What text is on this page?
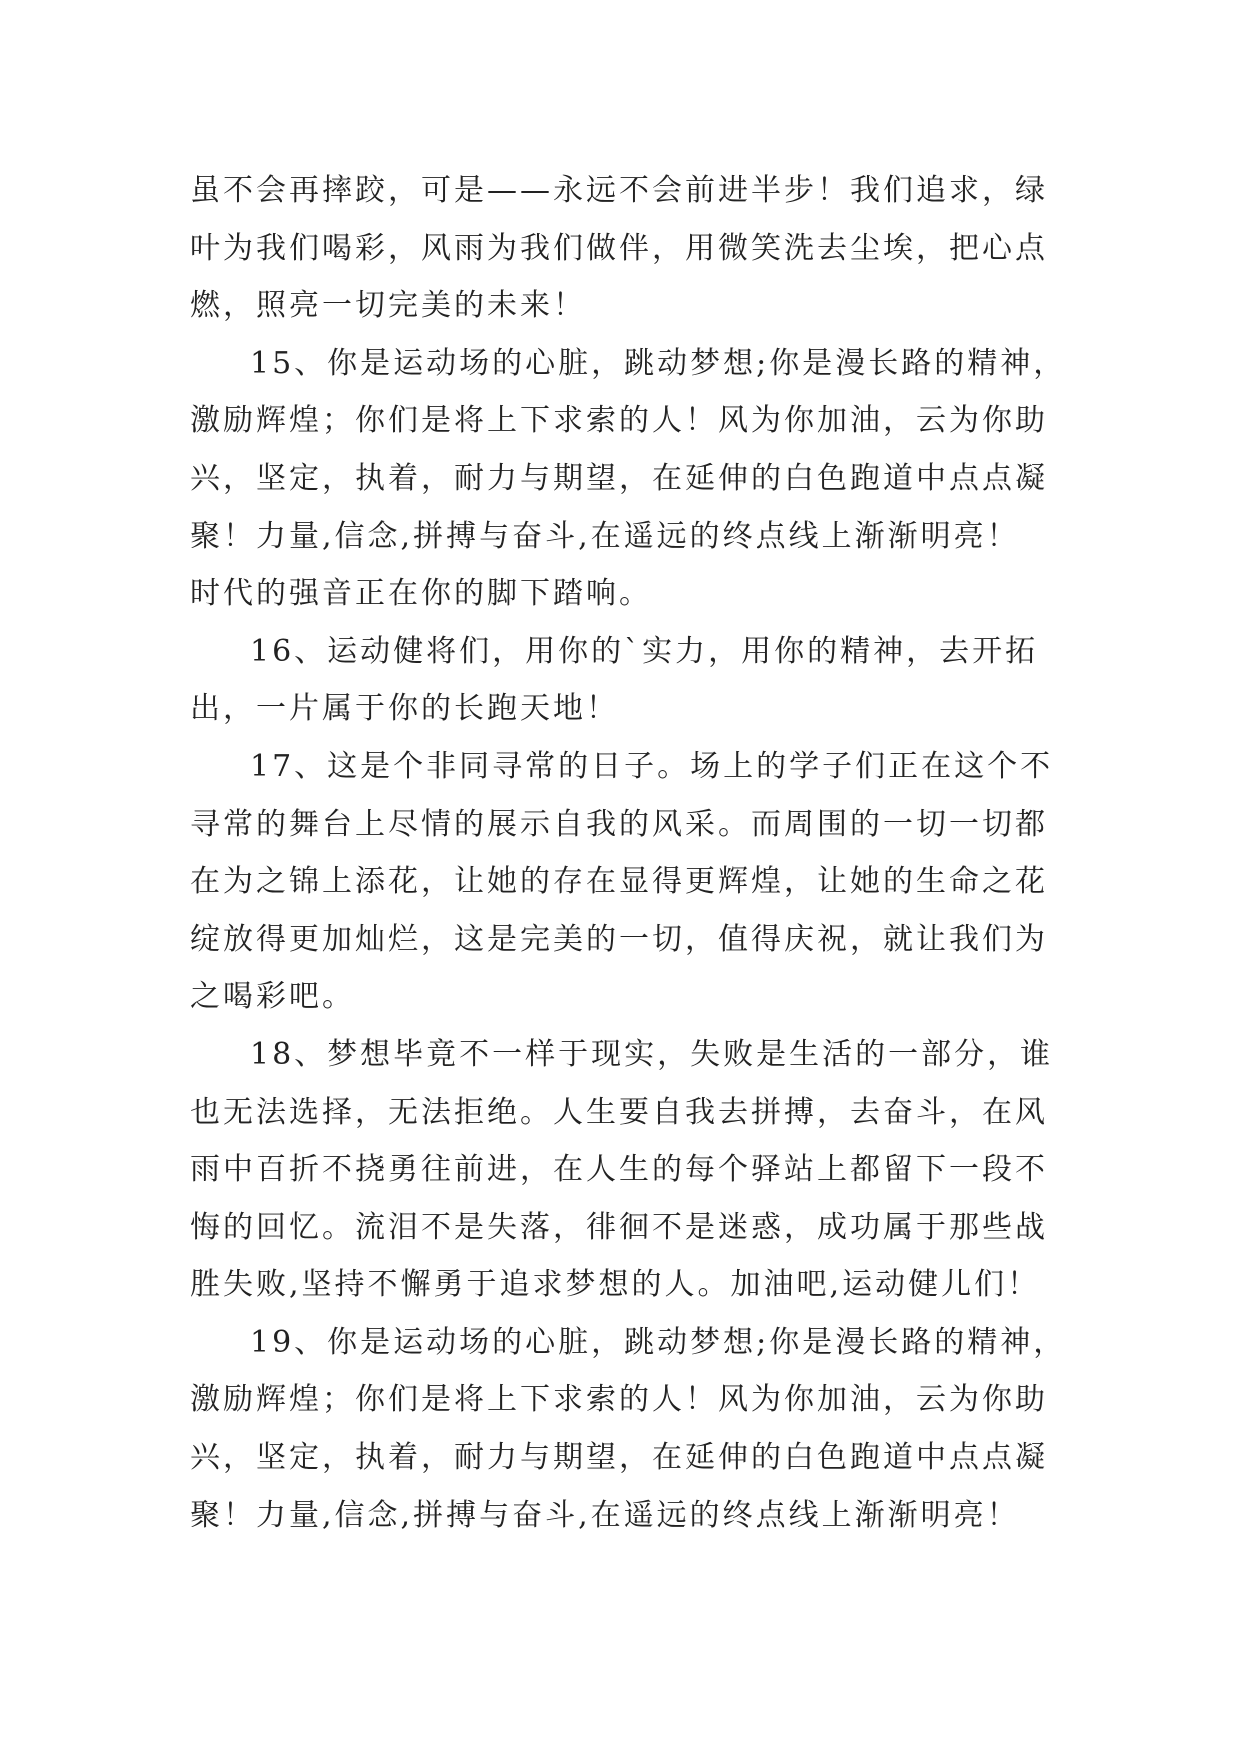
虽不会再摔跤，可是——永远不会前进半步！我们追求，绿
叶为我们喝彩，风雨为我们做伴，用微笑洗去尘埃，把心点
燃，照亮一切完美的未来！
15、你是运动场的心脏，跳动梦想;你是漫长路的精神，
激励辉煌；你们是将上下求索的人！风为你加油，云为你助
兴，坚定，执着，耐力与期望，在延伸的白色跑道中点点凝
聚！力量,信念,拼搏与奋斗,在遥远的终点线上渐渐明亮！
时代的强音正在你的脚下踏响。
16、运动健将们，用你的`实力，用你的精神，去开拓
出，一片属于你的长跑天地！
17、这是个非同寻常的日子。场上的学子们正在这个不
寻常的舞台上尽情的展示自我的风采。而周围的一切一切都
在为之锦上添花，让她的存在显得更辉煌，让她的生命之花
绽放得更加灿烂，这是完美的一切，值得庆祝，就让我们为
之喝彩吧。
18、梦想毕竟不一样于现实，失败是生活的一部分，谁
也无法选择，无法拒绝。人生要自我去拼搏，去奋斗，在风
雨中百折不挠勇往前进，在人生的每个驿站上都留下一段不
悔的回忆。流泪不是失落，徘徊不是迷惑，成功属于那些战
胜失败,坚持不懈勇于追求梦想的人。加油吧,运动健儿们！
19、你是运动场的心脏，跳动梦想;你是漫长路的精神，
激励辉煌；你们是将上下求索的人！风为你加油，云为你助
兴，坚定，执着，耐力与期望，在延伸的白色跑道中点点凝
聚！力量,信念,拼搏与奋斗,在遥远的终点线上渐渐明亮！
